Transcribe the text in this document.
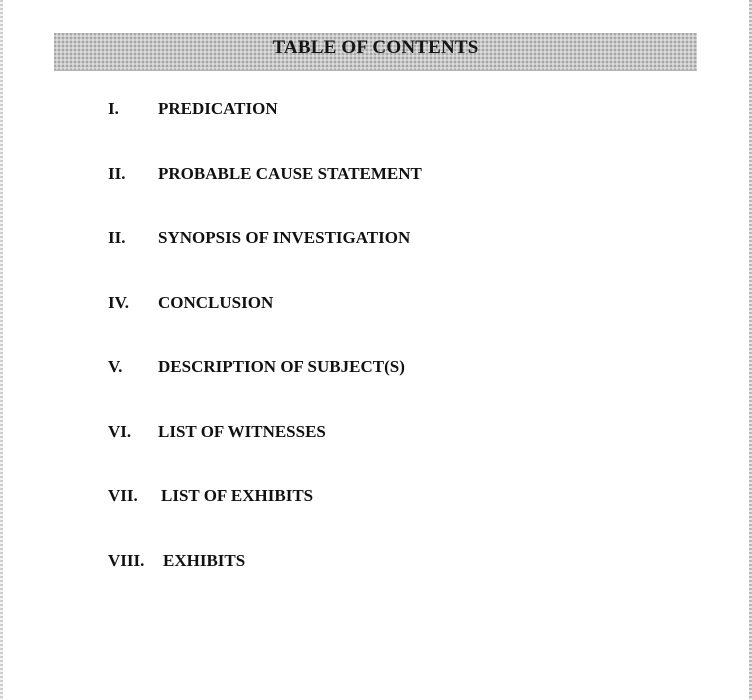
TABLE OF CONTENTS
I. PREDICATION
II. PROBABLE CAUSE STATEMENT
II. SYNOPSIS OF INVESTIGATION
IV. CONCLUSION
V. DESCRIPTION OF SUBJECT(S)
VI. LIST OF WITNESSES
VII. LIST OF EXHIBITS
VIII. EXHIBITS
